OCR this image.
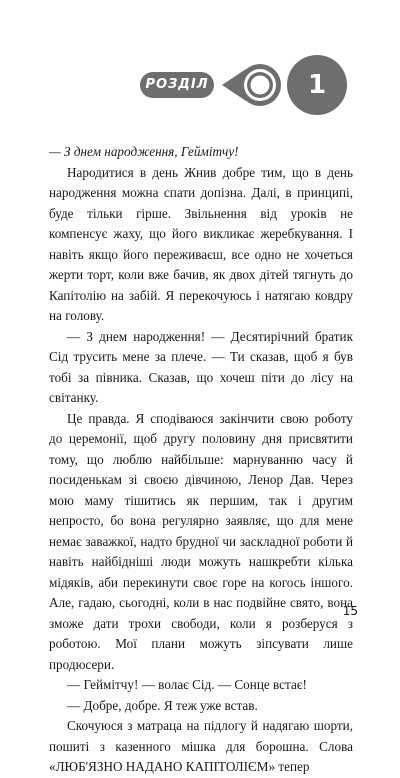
РОЗДІЛ	1

— З днем народження, Геймітчу!

Народитися в день Жнив добре тим, що в день народження можна спати допізна. Далі, в принципі, буде тільки гірше. Звільнення від уроків не компенсує жаху, що його викликає жеребкування. І навіть якщо його переживаєш, все одно не хочеться жерти торт, коли вже бачив, як двох дітей тягнуть до Капітолію на забій. Я перекочуюсь і натягаю ковдру на голову.

— З днем народження! — Десятирічний братик Сід трусить мене за плече. — Ти сказав, щоб я був тобі за півника. Сказав, що хочеш піти до лісу на світанку.

Це правда. Я сподіваюся закінчити свою роботу до церемонії, щоб другу половину дня присвятити тому, що люблю найбільше: марнуванню часу й посиденькам зі своєю дівчиною, Ленор Дав. Через мою маму тішитись як першим, так і другим непросто, бо вона регулярно заявляє, що для мене немає заважкої, надто брудної чи заскладної роботи й навіть найбідніші люди можуть нашкребти кілька мідяків, аби перекинути своє горе на когось іншого. Але, гадаю, сьогодні, коли в нас подвійне свято, вона зможе дати трохи свободи, коли я розберуся з роботою. Мої плани можуть зіпсувати лише продюсери.

— Геймітчу! — волає Сід. — Сонце встає!

— Добре, добре. Я теж уже встав.

Скочуюся з матраца на підлогу й надягаю шорти, пошиті з казенного мішка для борошна. Слова «ЛЮБ'ЯЗНО НАДАНО КАПІТОЛІЄМ» тепер

15
